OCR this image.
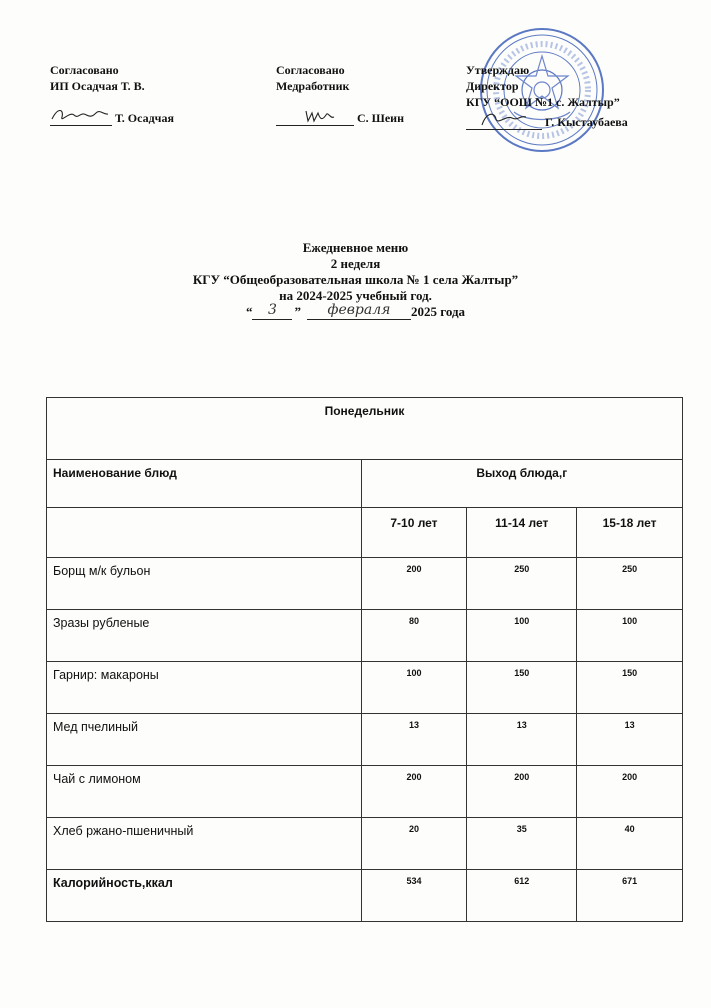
Согласовано
ИП Осадчая Т. В.
Т. Осадчая
Согласовано
Медработник
С. Шеин
Утверждаю
Директор
КГУ “ООШ №1 с. Жалтыр”
Г. Кыстаубаева
Ежедневное меню
2 неделя
КГУ “Общеобразовательная школа № 1 села Жалтыр”
на 2024-2025 учебный год.
“	3	”	февраля	2025 года
Понедельник			
Наименование блюд	Выход блюда,г		
	7-10 лет	11-14 лет	15-18 лет
Борщ м/к бульон	200	250	250
Зразы рубленые	80	100	100
Гарнир: макароны	100	150	150
Мед пчелиный	13	13	13
Чай с лимоном	200	200	200
Хлеб ржано-пшеничный	20	35	40
Калорийность,ккал	534	612	671
